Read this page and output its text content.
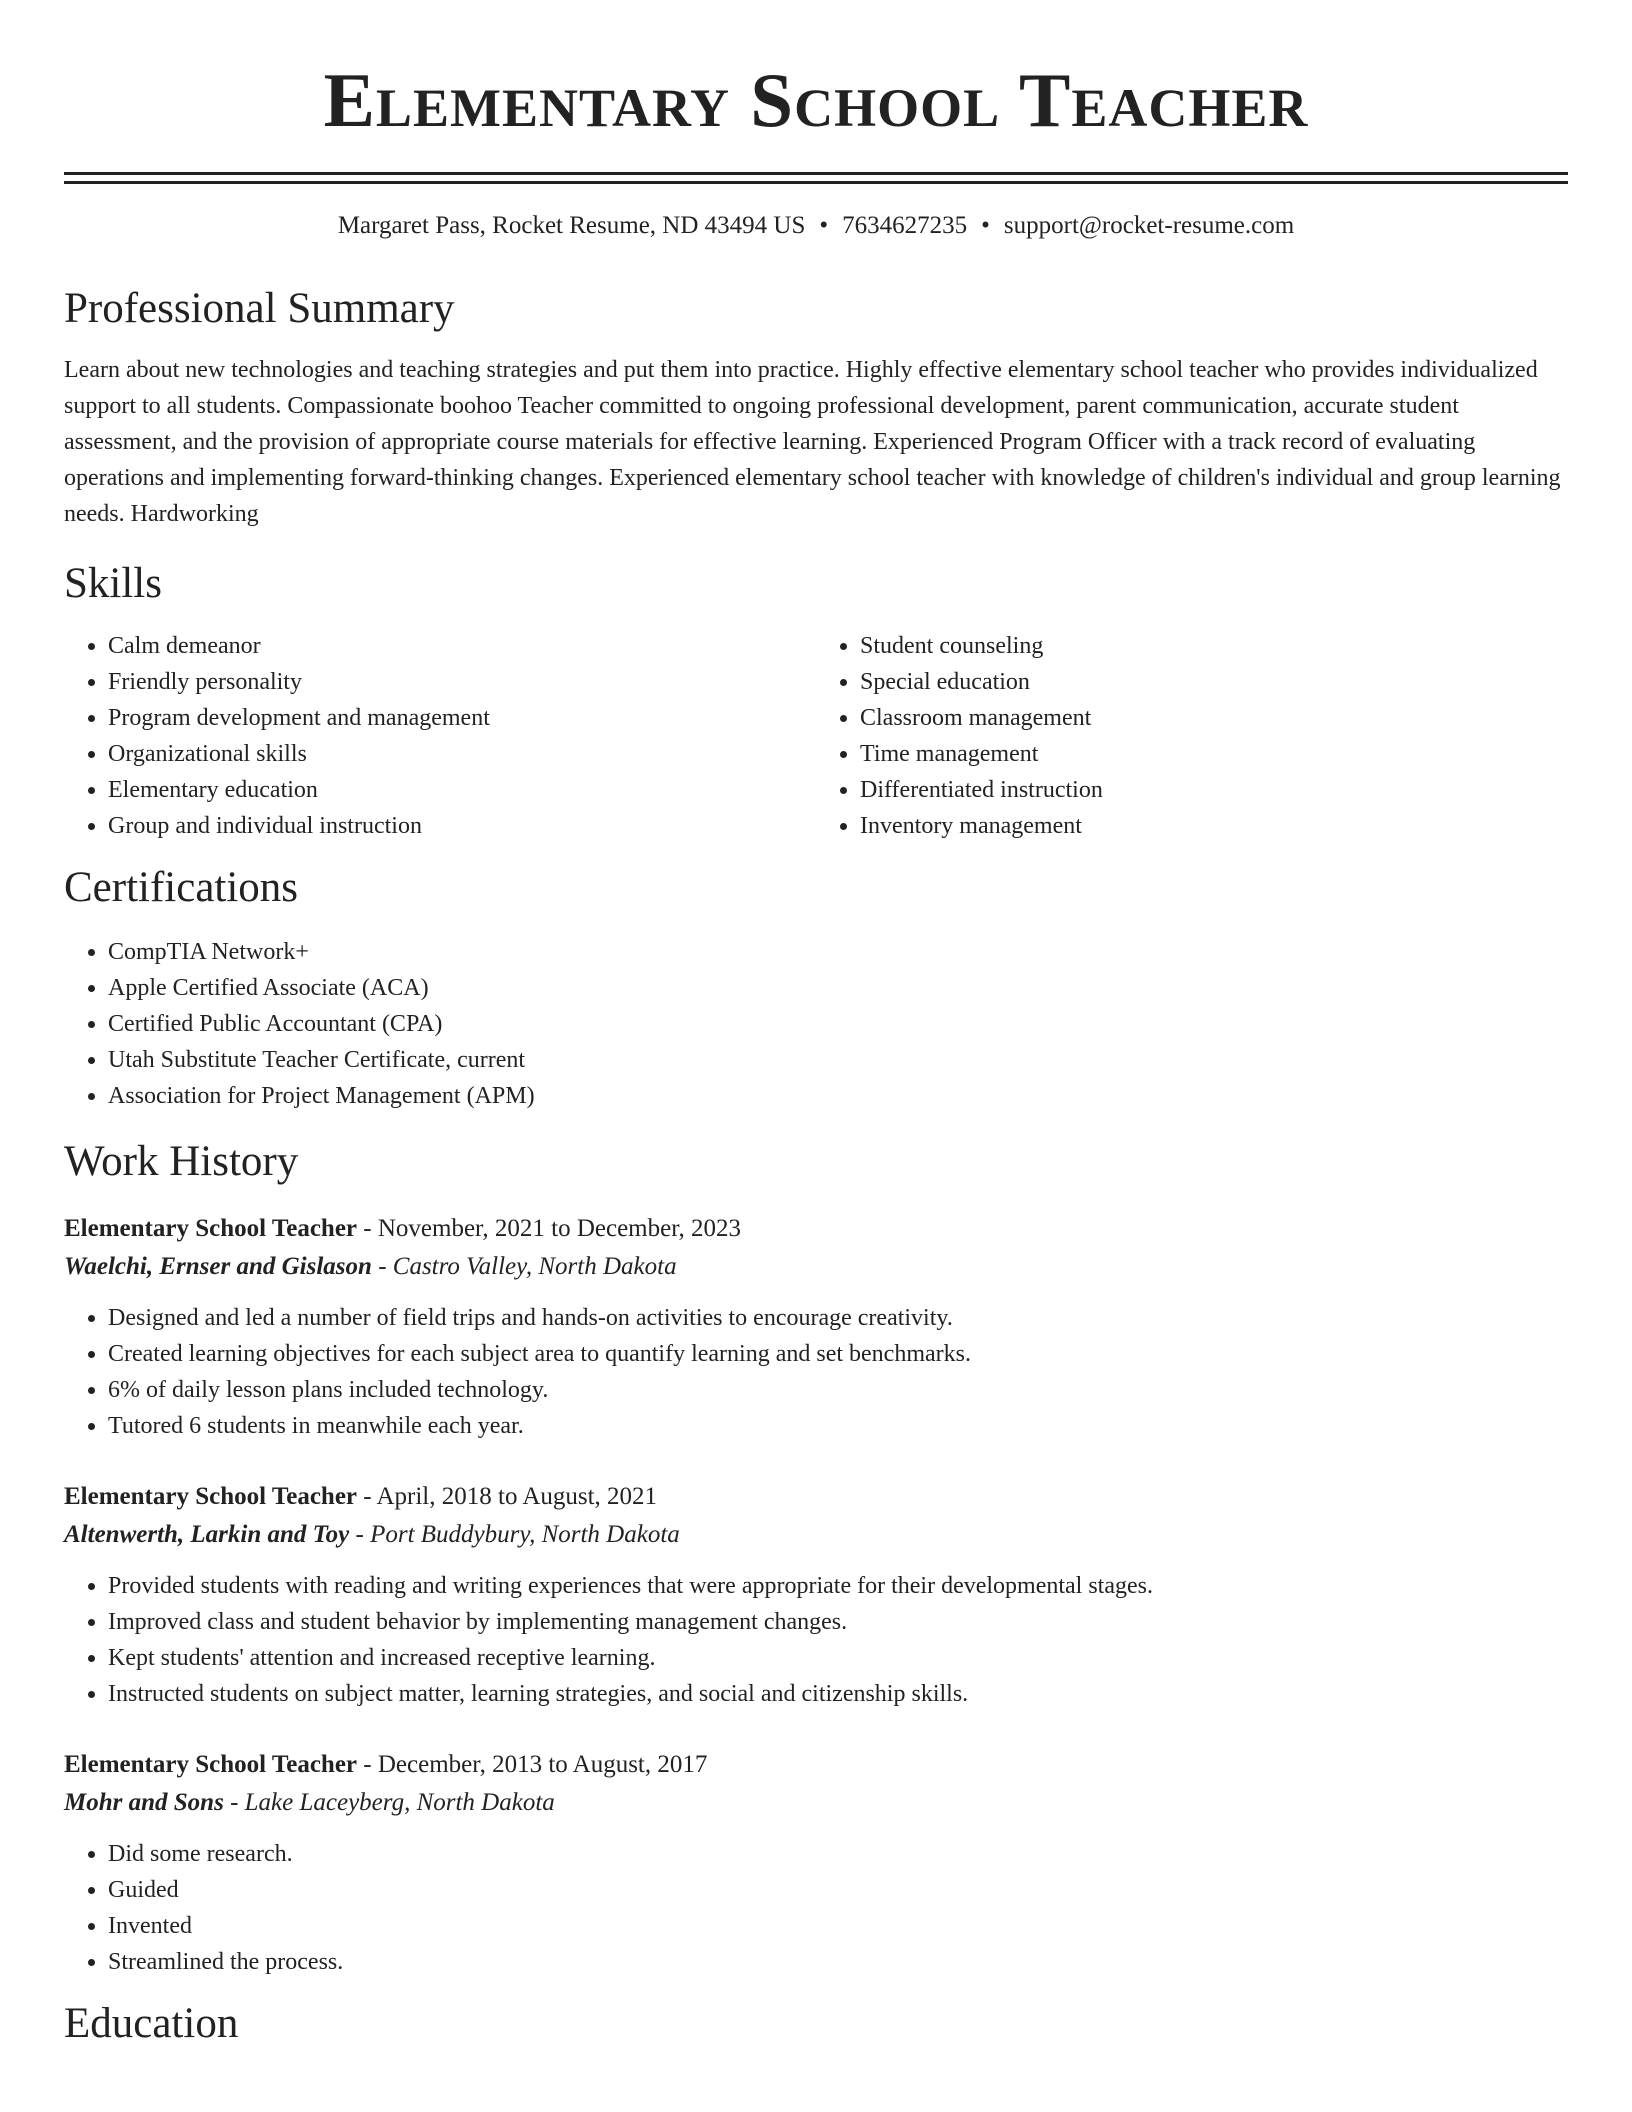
Elementary School Teacher
Margaret Pass, Rocket Resume, ND 43494 US • 7634627235 • support@rocket-resume.com
Professional Summary

Learn about new technologies and teaching strategies and put them into practice. Highly effective elementary school teacher who provides individualized support to all students. Compassionate boohoo Teacher committed to ongoing professional development, parent communication, accurate student assessment, and the provision of appropriate course materials for effective learning. Experienced Program Officer with a track record of evaluating operations and implementing forward-thinking changes. Experienced elementary school teacher with knowledge of children's individual and group learning needs. Hardworking

Skills
• Calm demeanor
• Friendly personality
• Program development and management
• Organizational skills
• Elementary education
• Group and individual instruction
• Student counseling
• Special education
• Classroom management
• Time management
• Differentiated instruction
• Inventory management
Certifications
• CompTIA Network+
• Apple Certified Associate (ACA)
• Certified Public Accountant (CPA)
• Utah Substitute Teacher Certificate, current
• Association for Project Management (APM)
Work History
Elementary School Teacher - November, 2021 to December, 2023
Waelchi, Ernser and Gislason - Castro Valley, North Dakota
• Designed and led a number of field trips and hands-on activities to encourage creativity.
• Created learning objectives for each subject area to quantify learning and set benchmarks.
• 6% of daily lesson plans included technology.
• Tutored 6 students in meanwhile each year.
Elementary School Teacher - April, 2018 to August, 2021
Altenwerth, Larkin and Toy - Port Buddybury, North Dakota
• Provided students with reading and writing experiences that were appropriate for their developmental stages.
• Improved class and student behavior by implementing management changes.
• Kept students' attention and increased receptive learning.
• Instructed students on subject matter, learning strategies, and social and citizenship skills.
Elementary School Teacher - December, 2013 to August, 2017
Mohr and Sons - Lake Laceyberg, North Dakota
• Did some research.
• Guided
• Invented
• Streamlined the process.
Education
